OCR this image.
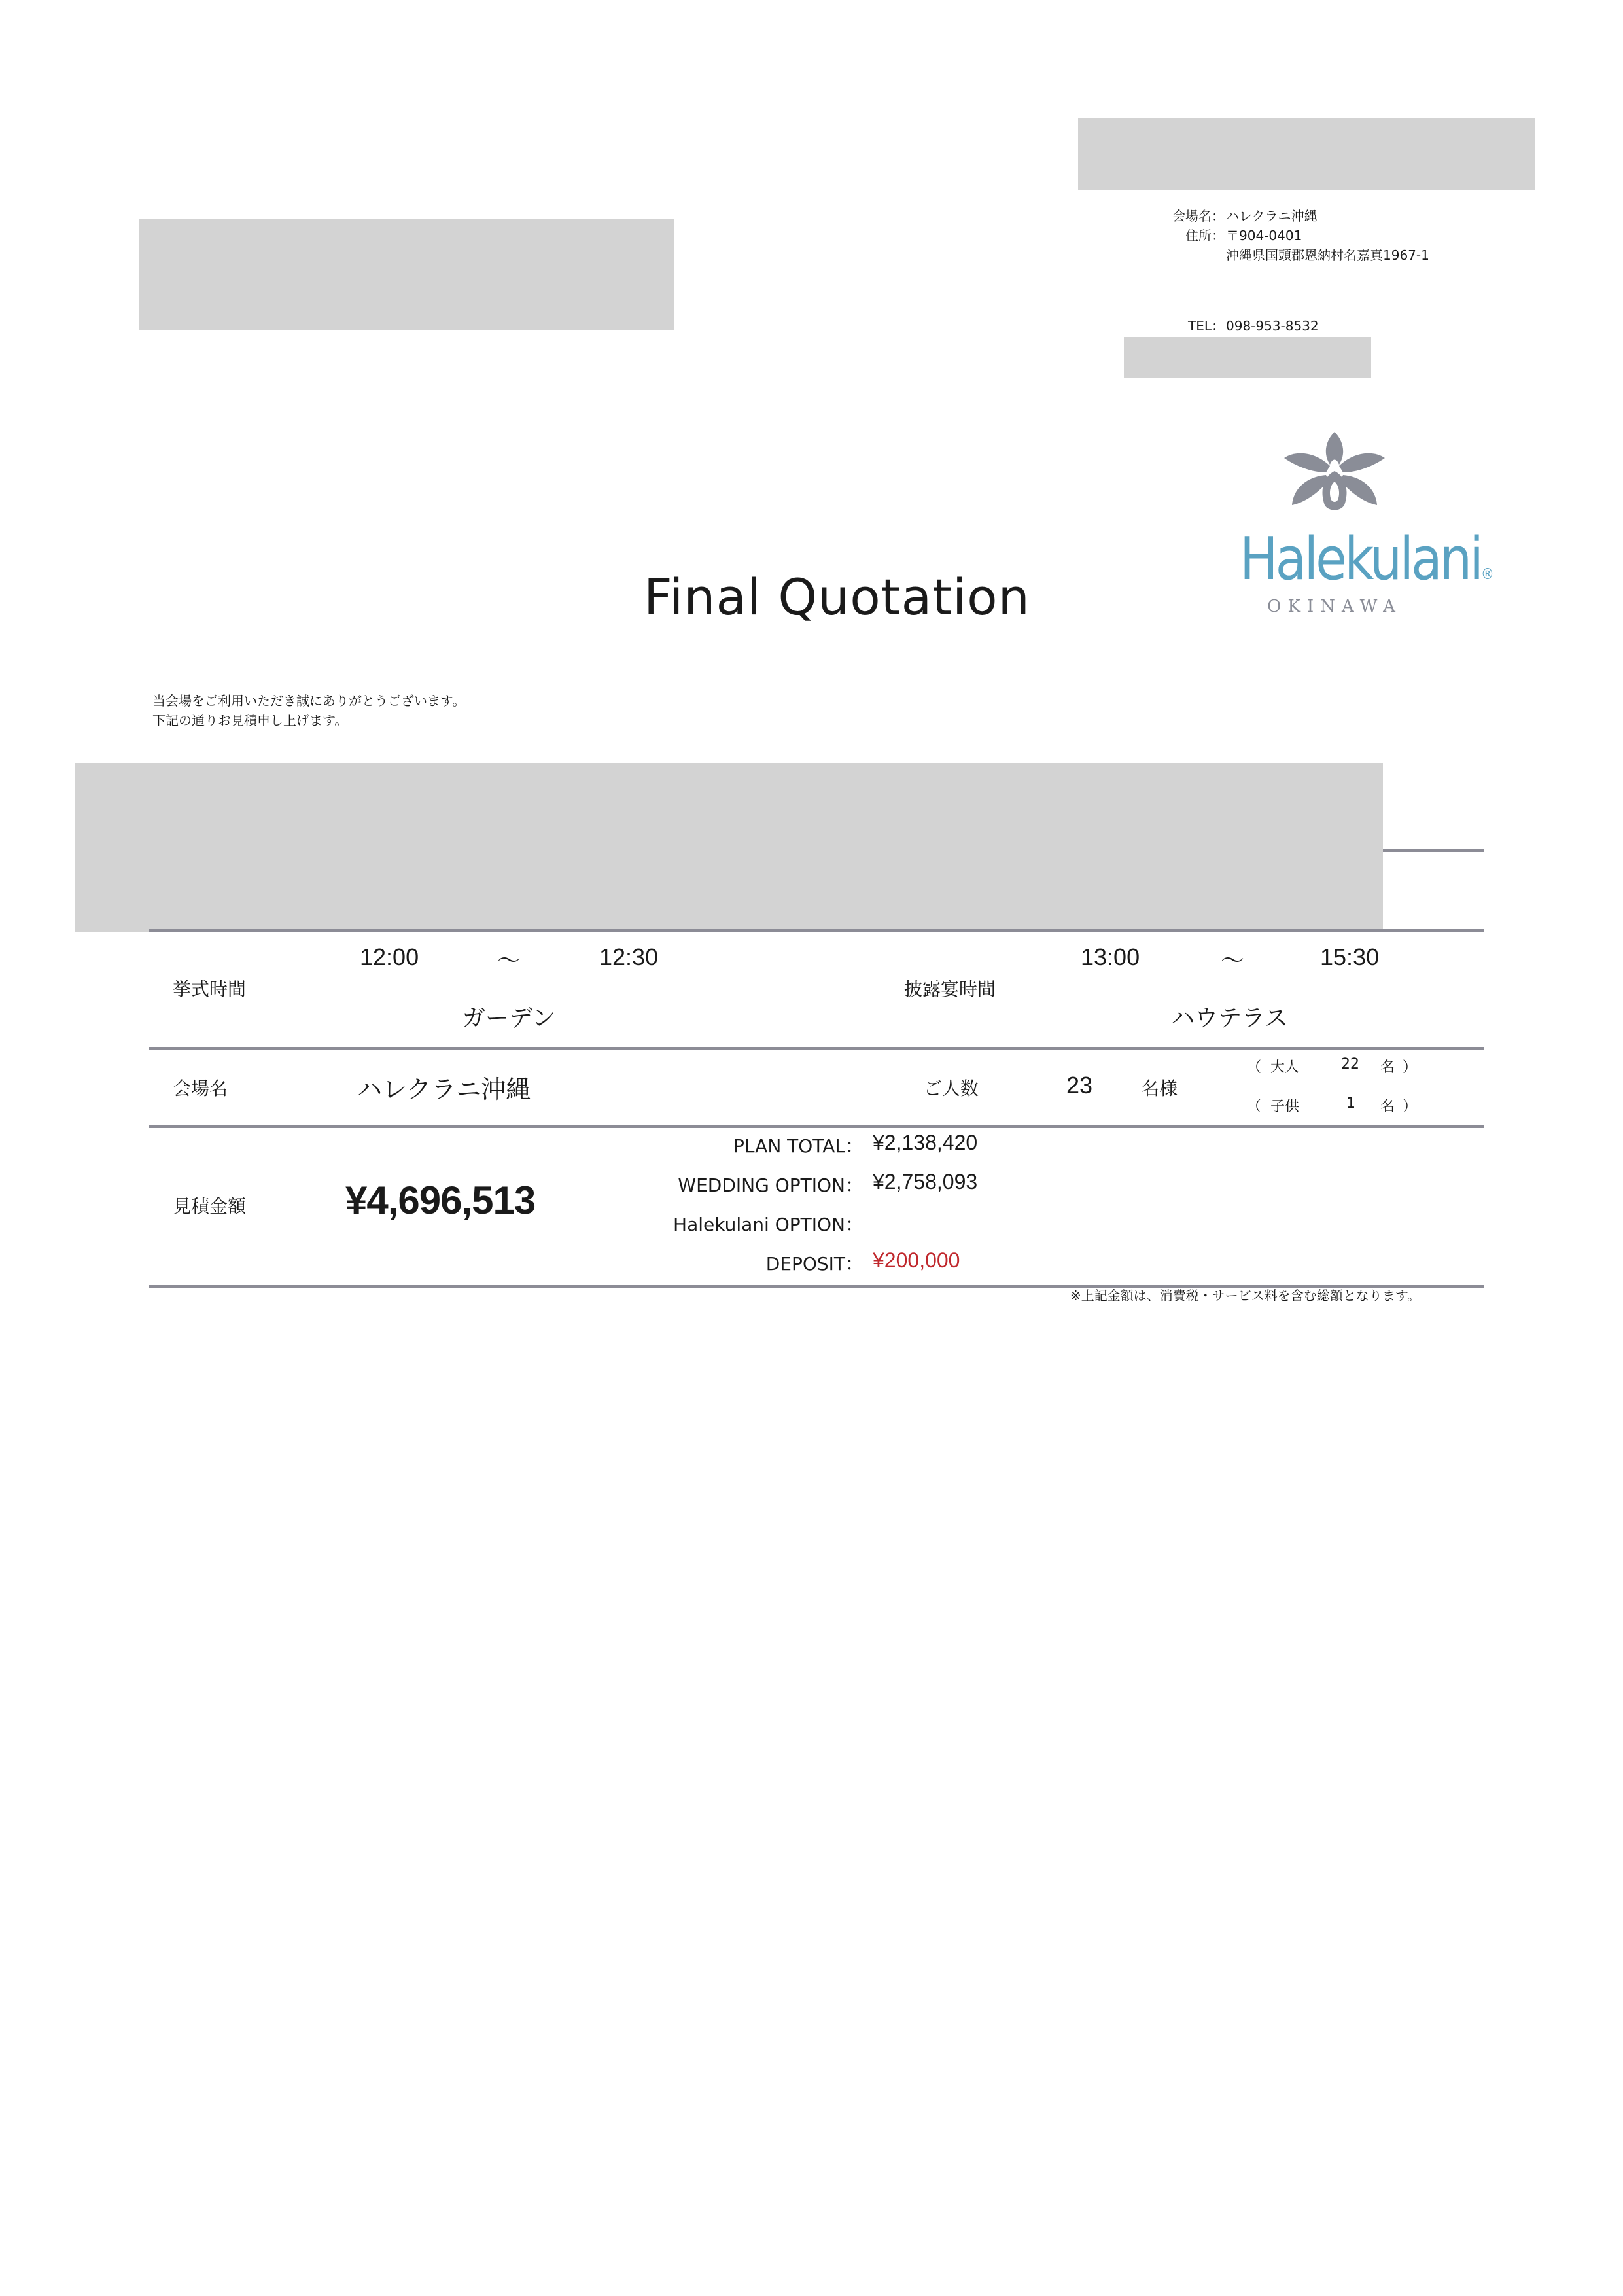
会場名： ハレクラニ沖縄
住所： 〒904-0401
沖縄県国頭郡恩納村名嘉真1967-1
TEL： 098-953-8532
Halekulani®
OKINAWA
Final Quotation
当会場をご利用いただき誠にありがとうございます。
下記の通りお見積申し上げます。
挙式時間
12:00	～	12:30
ガーデン
披露宴時間
13:00	～	15:30
ハウテラス
会場名	ハレクラニ沖縄	ご人数	23	名様
（ 大人	22 名 ）
（ 子供	1 名 ）
見積金額	¥4,696,513
PLAN TOTAL： ¥2,138,420
WEDDING OPTION： ¥2,758,093
Halekulani OPTION：
DEPOSIT： ¥200,000
※上記金額は、消費税・サービス料を含む総額となります。
